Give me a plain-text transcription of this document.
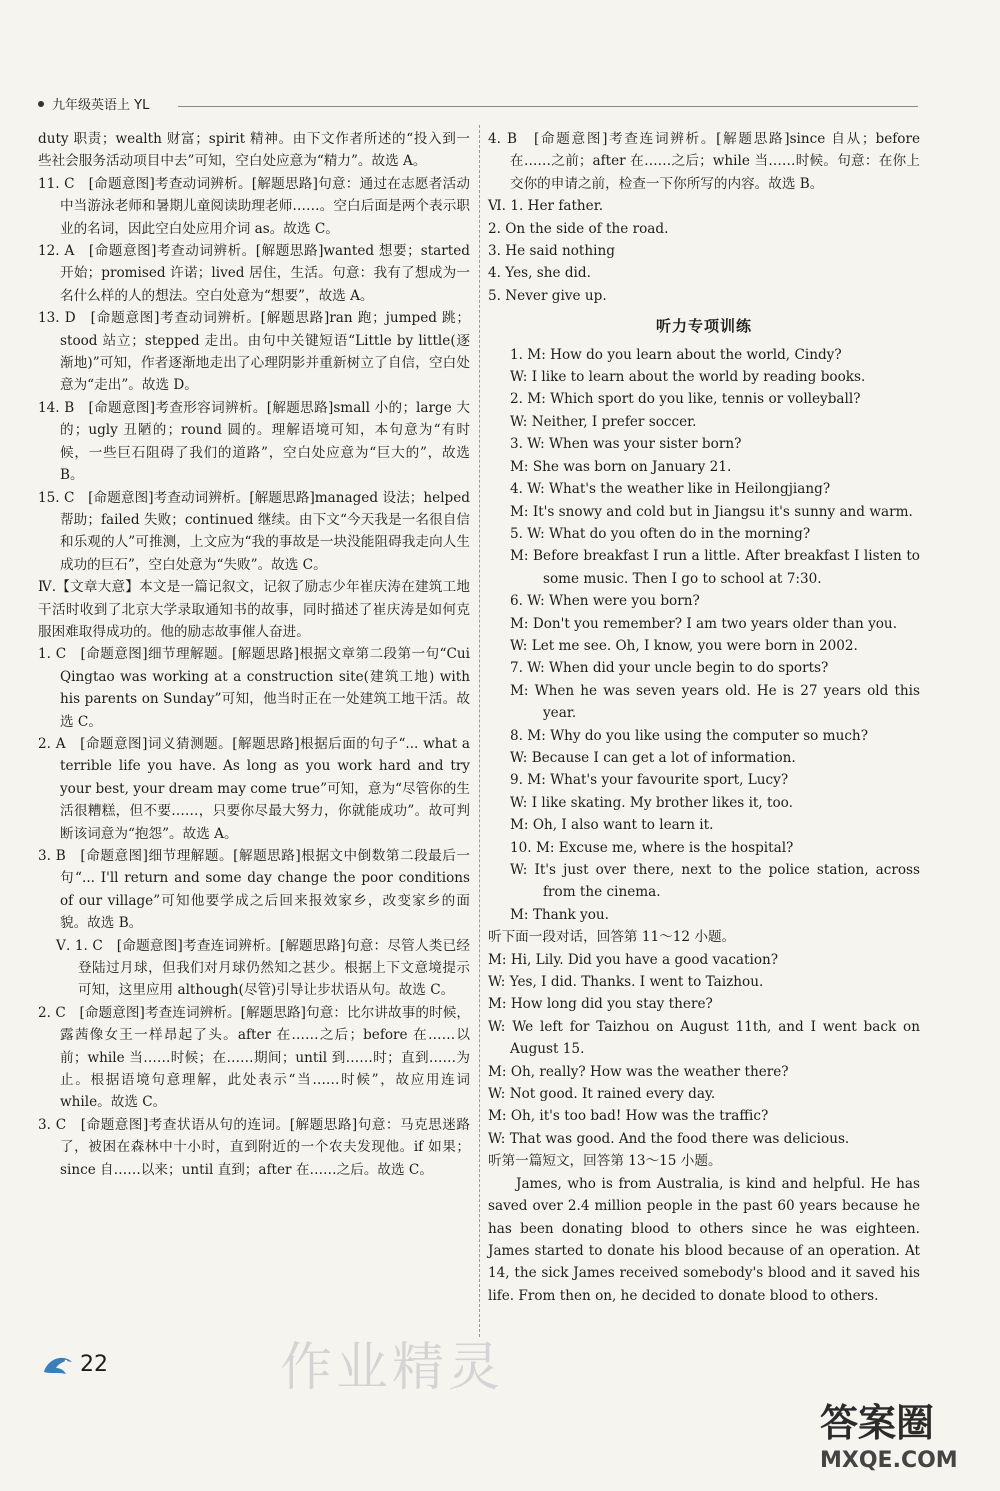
九年级英语上 YL
duty 职责；wealth 财富；spirit 精神。由下文作者所述的“投入到一些社会服务活动项目中去”可知，空白处应意为“精力”。故选 A。
11. C　[命题意图]考查动词辨析。[解题思路]句意：通过在志愿者活动中当游泳老师和暑期儿童阅读助理老师……。空白后面是两个表示职业的名词，因此空白处应用介词 as。故选 C。
12. A　[命题意图]考查动词辨析。[解题思路]wanted 想要；started 开始；promised 许诺；lived 居住，生活。句意：我有了想成为一名什么样的人的想法。空白处意为“想要”，故选 A。
13. D　[命题意图]考查动词辨析。[解题思路]ran 跑；jumped 跳；stood 站立；stepped 走出。由句中关键短语“Little by little(逐渐地)”可知，作者逐渐地走出了心理阴影并重新树立了自信，空白处意为“走出”。故选 D。
14. B　[命题意图]考查形容词辨析。[解题思路]small 小的；large 大的；ugly 丑陋的；round 圆的。理解语境可知，本句意为“有时候，一些巨石阻碍了我们的道路”，空白处应意为“巨大的”，故选 B。
15. C　[命题意图]考查动词辨析。[解题思路]managed 设法；helped 帮助；failed 失败；continued 继续。由下文“今天我是一名很自信和乐观的人”可推测，上文应为“我的事故是一块没能阻碍我走向人生成功的巨石”，空白处意为“失败”。故选 C。
Ⅳ.【文章大意】本文是一篇记叙文，记叙了励志少年崔庆涛在建筑工地干活时收到了北京大学录取通知书的故事，同时描述了崔庆涛是如何克服困难取得成功的。他的励志故事催人奋进。
1. C　[命题意图]细节理解题。[解题思路]根据文章第二段第一句“Cui Qingtao was working at a construction site(建筑工地) with his parents on Sunday”可知，他当时正在一处建筑工地干活。故选 C。
2. A　[命题意图]词义猜测题。[解题思路]根据后面的句子“... what a terrible life you have. As long as you work hard and try your best, your dream may come true”可知，意为“尽管你的生活很糟糕，但不要……，只要你尽最大努力，你就能成功”。故可判断该词意为“抱怨”。故选 A。
3. B　[命题意图]细节理解题。[解题思路]根据文中倒数第二段最后一句“... I'll return and some day change the poor conditions of our village”可知他要学成之后回来报效家乡，改变家乡的面貌。故选 B。
Ⅴ. 1. C　[命题意图]考查连词辨析。[解题思路]句意：尽管人类已经登陆过月球，但我们对月球仍然知之甚少。根据上下文意境提示可知，这里应用 although(尽管)引导让步状语从句。故选 C。
2. C　[命题意图]考查连词辨析。[解题思路]句意：比尔讲故事的时候，露茜像女王一样昂起了头。after 在……之后；before 在……以前；while 当……时候；在……期间；until 到……时；直到……为止。根据语境句意理解，此处表示“当……时候”，故应用连词 while。故选 C。
3. C　[命题意图]考查状语从句的连词。[解题思路]句意：马克思迷路了，被困在森林中十小时，直到附近的一个农夫发现他。if 如果；since 自……以来；until 直到；after 在……之后。故选 C。
4. B　[命题意图]考查连词辨析。[解题思路]since 自从；before 在……之前；after 在……之后；while 当……时候。句意：在你上交你的申请之前，检查一下你所写的内容。故选 B。
Ⅵ. 1. Her father.
2. On the side of the road.
3. He said nothing
4. Yes, she did.
5. Never give up.
听力专项训练
1. M: How do you learn about the world, Cindy?
W: I like to learn about the world by reading books.
2. M: Which sport do you like, tennis or volleyball?
W: Neither, I prefer soccer.
3. W: When was your sister born?
M: She was born on January 21.
4. W: What's the weather like in Heilongjiang?
M: It's snowy and cold but in Jiangsu it's sunny and warm.
5. W: What do you often do in the morning?
M: Before breakfast I run a little. After breakfast I listen to some music. Then I go to school at 7:30.
6. W: When were you born?
M: Don't you remember? I am two years older than you.
W: Let me see. Oh, I know, you were born in 2002.
7. W: When did your uncle begin to do sports?
M: When he was seven years old. He is 27 years old this year.
8. M: Why do you like using the computer so much?
W: Because I can get a lot of information.
9. M: What's your favourite sport, Lucy?
W: I like skating. My brother likes it, too.
M: Oh, I also want to learn it.
10. M: Excuse me, where is the hospital?
W: It's just over there, next to the police station, across from the cinema.
M: Thank you.
听下面一段对话，回答第 11～12 小题。
M: Hi, Lily. Did you have a good vacation?
W: Yes, I did. Thanks. I went to Taizhou.
M: How long did you stay there?
W: We left for Taizhou on August 11th, and I went back on August 15.
M: Oh, really? How was the weather there?
W: Not good. It rained every day.
M: Oh, it's too bad! How was the traffic?
W: That was good. And the food there was delicious.
听第一篇短文，回答第 13～15 小题。
James, who is from Australia, is kind and helpful. He has saved over 2.4 million people in the past 60 years because he has been donating blood to others since he was eighteen. James started to donate his blood because of an operation. At 14, the sick James received somebody's blood and it saved his life. From then on, he decided to donate blood to others.
22	作业精灵
答案圈
MXQE.COM
